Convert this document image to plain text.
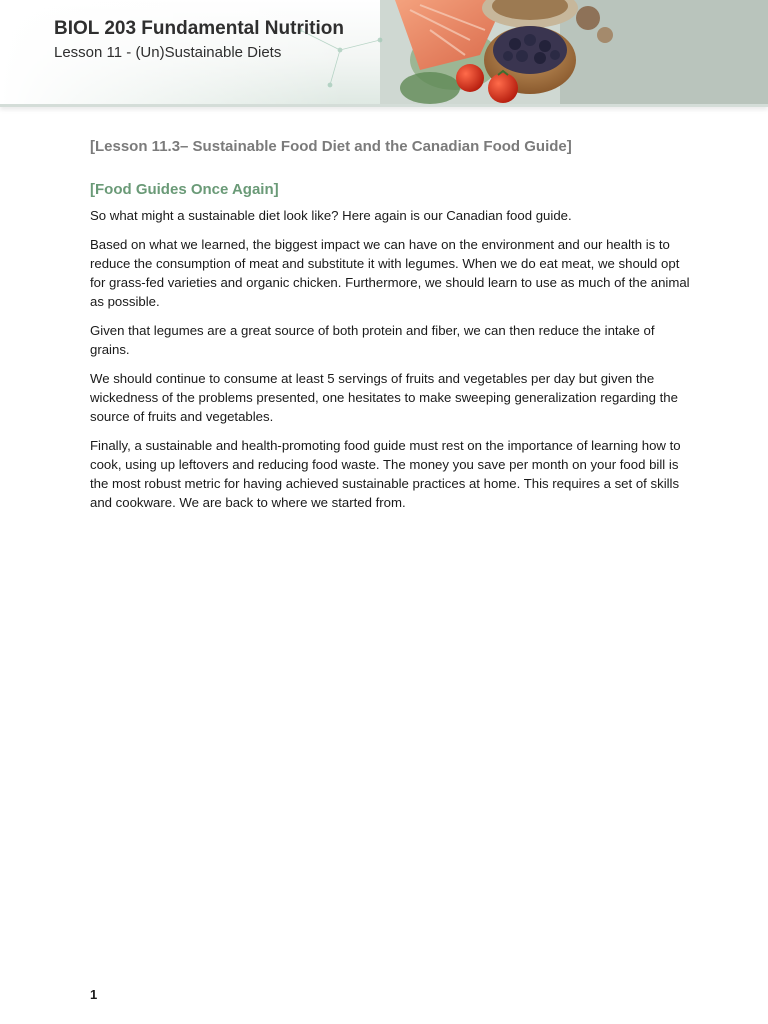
BIOL 203 Fundamental Nutrition
Lesson 11 - (Un)Sustainable Diets
[Lesson 11.3– Sustainable Food Diet and the Canadian Food Guide]
[Food Guides Once Again]

So what might a sustainable diet look like? Here again is our Canadian food guide.

Based on what we learned, the biggest impact we can have on the environment and our health is to reduce the consumption of meat and substitute it with legumes. When we do eat meat, we should opt for grass-fed varieties and organic chicken. Furthermore, we should learn to use as much of the animal as possible.

Given that legumes are a great source of both protein and fiber, we can then reduce the intake of grains.

We should continue to consume at least 5 servings of fruits and vegetables per day but given the wickedness of the problems presented, one hesitates to make sweeping generalization regarding the source of fruits and vegetables.

Finally, a sustainable and health-promoting food guide must rest on the importance of learning how to cook, using up leftovers and reducing food waste. The money you save per month on your food bill is the most robust metric for having achieved sustainable practices at home. This requires a set of skills and cookware. We are back to where we started from.

1
